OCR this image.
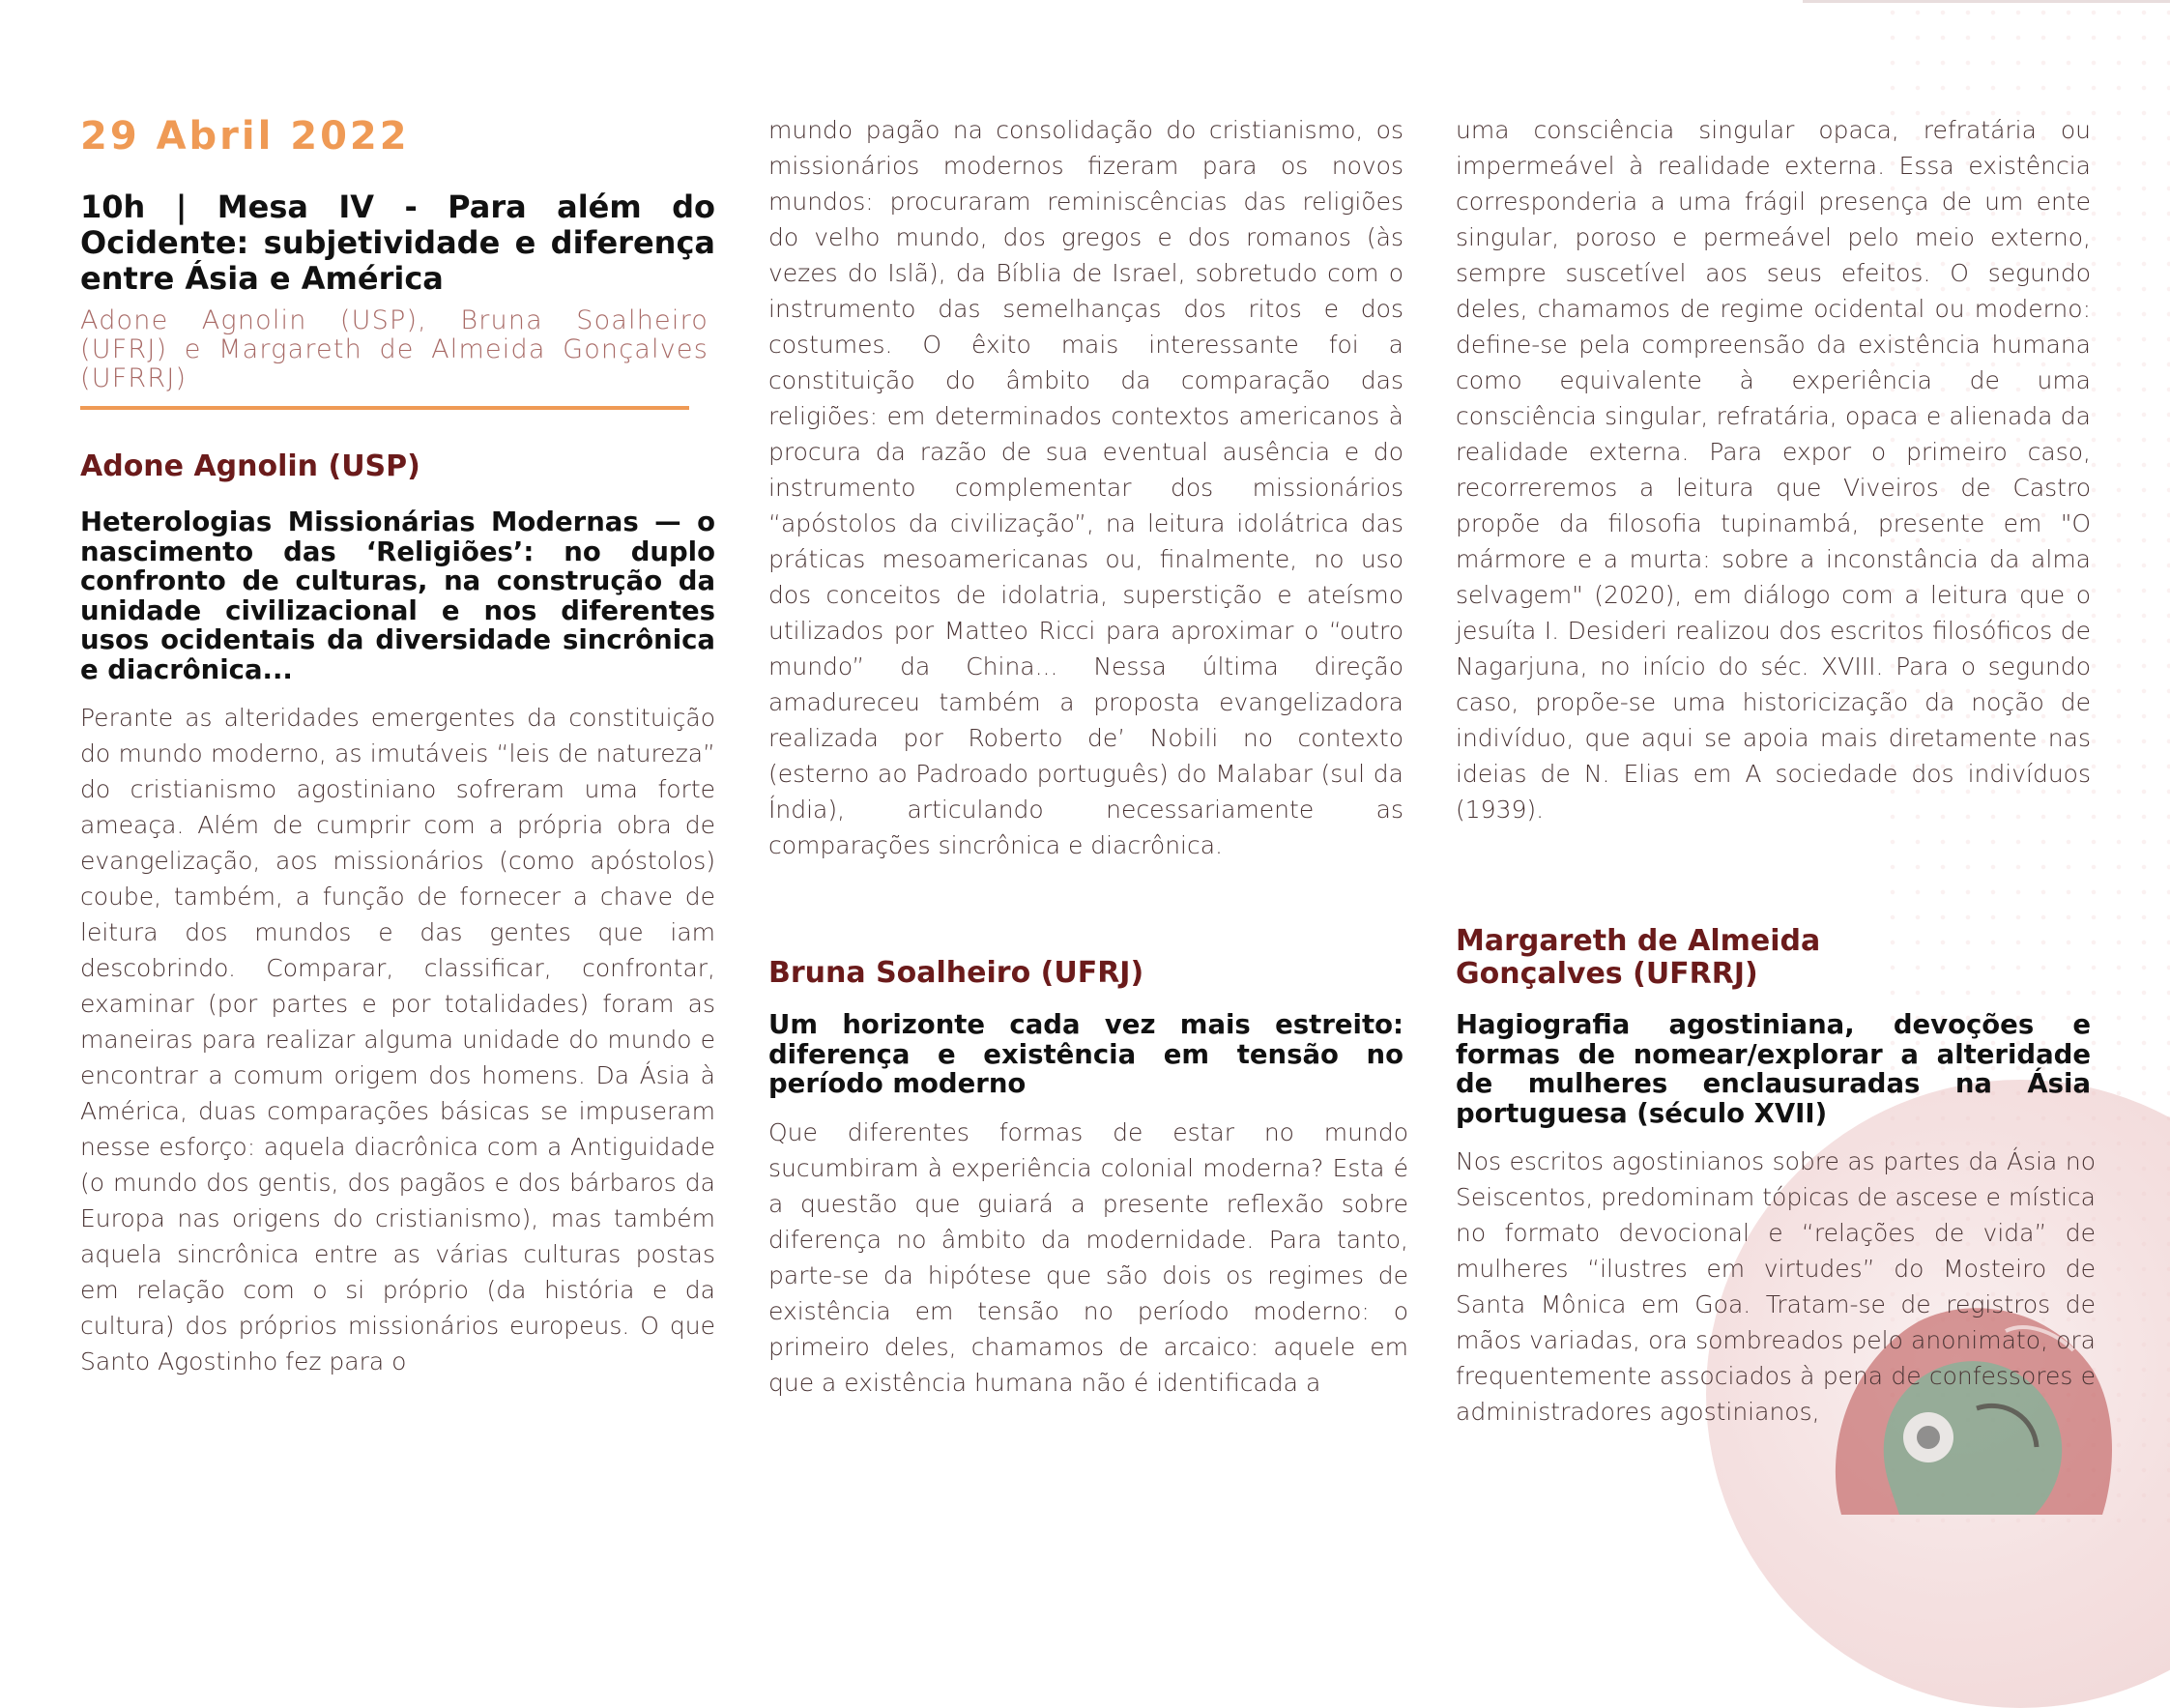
29 Abril 2022
10h | Mesa IV - Para além do Ocidente: subjetividade e diferença entre Ásia e América
Adone Agnolin (USP), Bruna Soalheiro (UFRJ) e Margareth de Almeida Gonçalves (UFRRJ)
Adone Agnolin (USP)
Heterologias Missionárias Modernas — o nascimento das ‘Religiões’: no duplo confronto de culturas, na construção da unidade civilizacional e nos diferentes usos ocidentais da diversidade sincrônica e diacrônica...
Perante as alteridades emergentes da constituição do mundo moderno, as imutáveis “leis de natureza” do cristianismo agostiniano sofreram uma forte ameaça. Além de cumprir com a própria obra de evangelização, aos missionários (como apóstolos) coube, também, a função de fornecer a chave de leitura dos mundos e das gentes que iam descobrindo. Comparar, classificar, confrontar, examinar (por partes e por totalidades) foram as maneiras para realizar alguma unidade do mundo e encontrar a comum origem dos homens. Da Ásia à América, duas comparações básicas se impuseram nesse esforço: aquela diacrônica com a Antiguidade (o mundo dos gentis, dos pagãos e dos bárbaros da Europa nas origens do cristianismo), mas também aquela sincrônica entre as várias culturas postas em relação com o si próprio (da história e da cultura) dos próprios missionários europeus. O que Santo Agostinho fez para o
mundo pagão na consolidação do cristianismo, os missionários modernos fizeram para os novos mundos: procuraram reminiscências das religiões do velho mundo, dos gregos e dos romanos (às vezes do Islã), da Bíblia de Israel, sobretudo com o instrumento das semelhanças dos ritos e dos costumes. O êxito mais interessante foi a constituição do âmbito da comparação das religiões: em determinados contextos americanos à procura da razão de sua eventual ausência e do instrumento complementar dos missionários “apóstolos da civilização”, na leitura idolátrica das práticas mesoamericanas ou, finalmente, no uso dos conceitos de idolatria, superstição e ateísmo utilizados por Matteo Ricci para aproximar o “outro mundo” da China... Nessa última direção amadureceu também a proposta evangelizadora realizada por Roberto de’ Nobili no contexto (esterno ao Padroado português) do Malabar (sul da Índia), articulando necessariamente as comparações sincrônica e diacrônica.
Bruna Soalheiro (UFRJ)
Um horizonte cada vez mais estreito: diferença e existência em tensão no período moderno
Que diferentes formas de estar no mundo sucumbiram à experiência colonial moderna? Esta é a questão que guiará a presente reflexão sobre diferença no âmbito da modernidade. Para tanto, parte-se da hipótese que são dois os regimes de existência em tensão no período moderno: o primeiro deles, chamamos de arcaico: aquele em que a existência humana não é identificada a
uma consciência singular opaca, refratária ou impermeável à realidade externa. Essa existência corresponderia a uma frágil presença de um ente singular, poroso e permeável pelo meio externo, sempre suscetível aos seus efeitos. O segundo deles, chamamos de regime ocidental ou moderno: define-se pela compreensão da existência humana como equivalente à experiência de uma consciência singular, refratária, opaca e alienada da realidade externa. Para expor o primeiro caso, recorreremos a leitura que Viveiros de Castro propõe da filosofia tupinambá, presente em "O mármore e a murta: sobre a inconstância da alma selvagem" (2020), em diálogo com a leitura que o jesuíta I. Desideri realizou dos escritos filosóficos de Nagarjuna, no início do séc. XVIII. Para o segundo caso, propõe-se uma historicização da noção de indivíduo, que aqui se apoia mais diretamente nas ideias de N. Elias em A sociedade dos indivíduos (1939).
Margareth de Almeida Gonçalves (UFRRJ)
Hagiografia agostiniana, devoções e formas de nomear/explorar a alteridade de mulheres enclausuradas na Ásia portuguesa (século XVII)
Nos escritos agostinianos sobre as partes da Ásia no Seiscentos, predominam tópicas de ascese e mística no formato devocional e “relações de vida” de mulheres “ilustres em virtudes” do Mosteiro de Santa Mônica em Goa. Tratam-se de registros de mãos variadas, ora sombreados pelo anonimato, ora frequentemente associados à pena de confessores e administradores agostinianos,
